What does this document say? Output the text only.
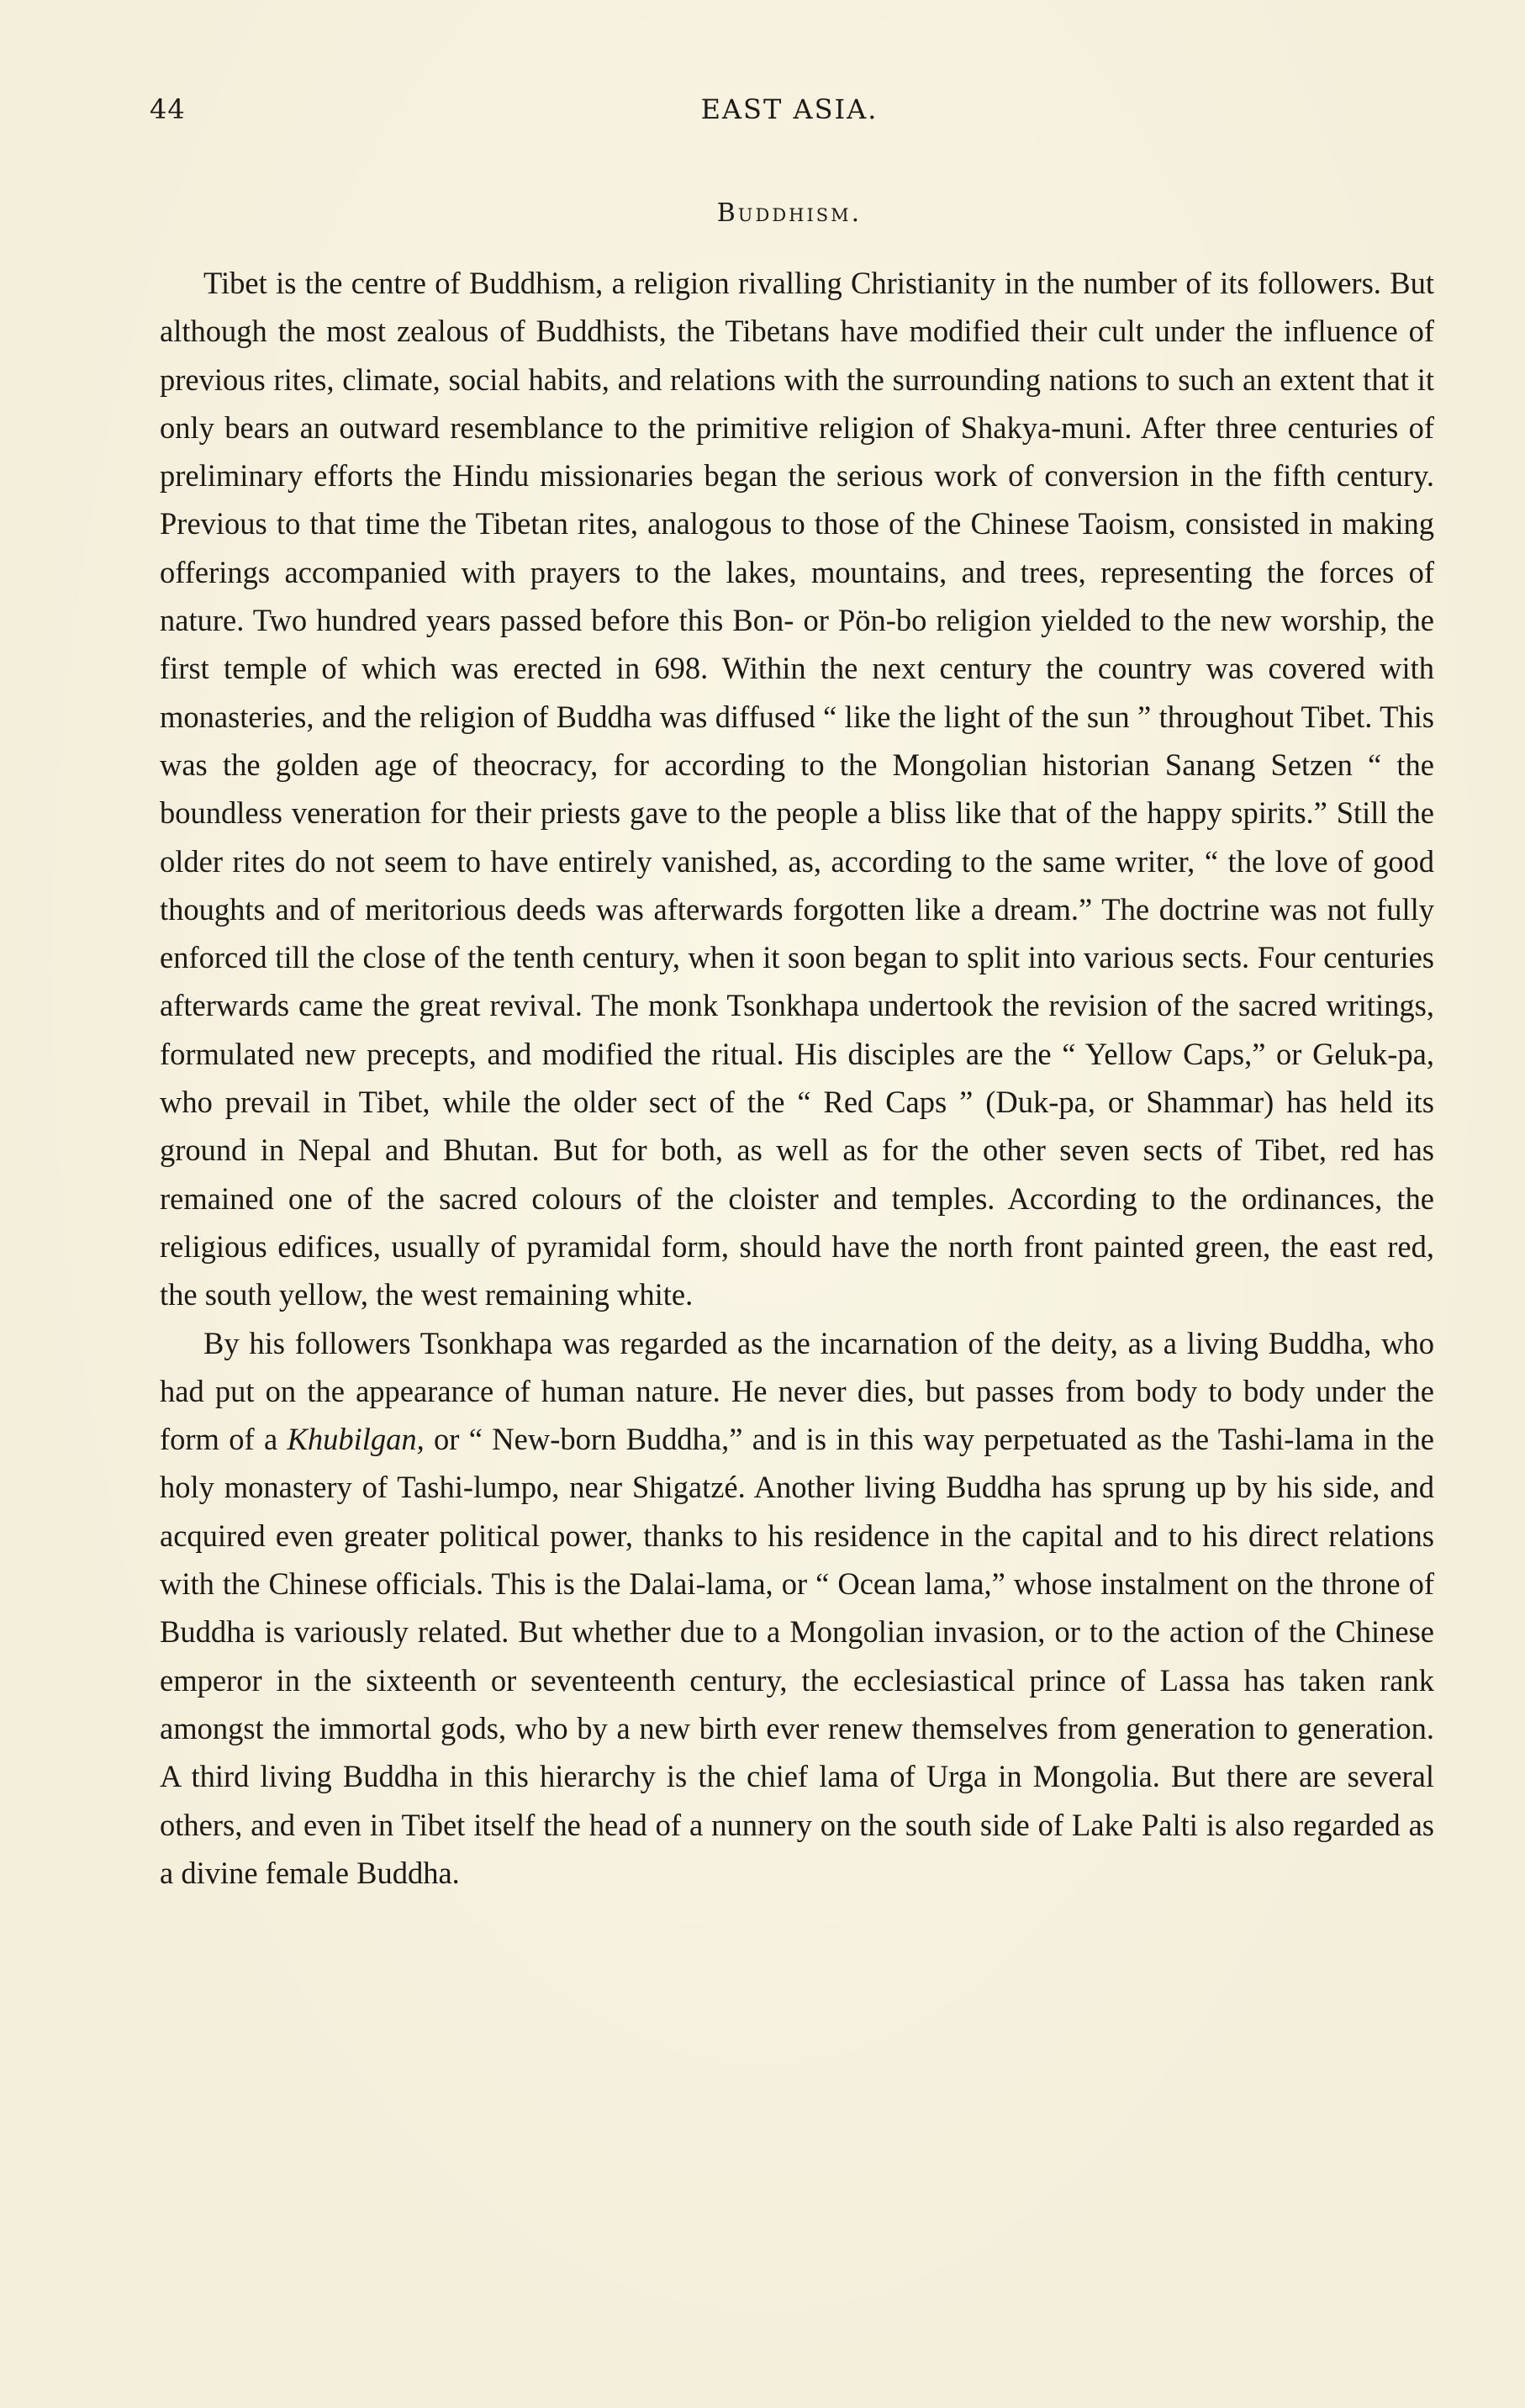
44	EAST ASIA.
Buddhism.

Tibet is the centre of Buddhism, a religion rivalling Christianity in the number of its followers. But although the most zealous of Buddhists, the Tibetans have modified their cult under the influence of previous rites, climate, social habits, and relations with the surrounding nations to such an extent that it only bears an outward resemblance to the primitive religion of Shakya-muni. After three centuries of preliminary efforts the Hindu missionaries began the serious work of conversion in the fifth century. Previous to that time the Tibetan rites, analogous to those of the Chinese Taoism, consisted in making offerings accompanied with prayers to the lakes, mountains, and trees, representing the forces of nature. Two hundred years passed before this Bon- or Pön-bo religion yielded to the new worship, the first temple of which was erected in 698. Within the next century the country was covered with monasteries, and the religion of Buddha was diffused “ like the light of the sun ” throughout Tibet. This was the golden age of theocracy, for according to the Mongolian historian Sanang Setzen “ the boundless veneration for their priests gave to the people a bliss like that of the happy spirits.” Still the older rites do not seem to have entirely vanished, as, according to the same writer, “ the love of good thoughts and of meritorious deeds was afterwards forgotten like a dream.” The doctrine was not fully enforced till the close of the tenth century, when it soon began to split into various sects. Four centuries afterwards came the great revival. The monk Tsonkhapa undertook the revision of the sacred writings, formulated new precepts, and modified the ritual. His disciples are the “ Yellow Caps,” or Geluk-pa, who prevail in Tibet, while the older sect of the “ Red Caps ” (Duk-pa, or Shammar) has held its ground in Nepal and Bhutan. But for both, as well as for the other seven sects of Tibet, red has remained one of the sacred colours of the cloister and temples. According to the ordinances, the religious edifices, usually of pyramidal form, should have the north front painted green, the east red, the south yellow, the west remaining white.

By his followers Tsonkhapa was regarded as the incarnation of the deity, as a living Buddha, who had put on the appearance of human nature. He never dies, but passes from body to body under the form of a Khubilgan, or “ New-born Buddha,” and is in this way perpetuated as the Tashi-lama in the holy monastery of Tashi-lumpo, near Shigatzé. Another living Buddha has sprung up by his side, and acquired even greater political power, thanks to his residence in the capital and to his direct relations with the Chinese officials. This is the Dalai-lama, or “ Ocean lama,” whose instalment on the throne of Buddha is variously related. But whether due to a Mongolian invasion, or to the action of the Chinese emperor in the sixteenth or seventeenth century, the ecclesiastical prince of Lassa has taken rank amongst the immortal gods, who by a new birth ever renew themselves from generation to generation. A third living Buddha in this hierarchy is the chief lama of Urga in Mongolia. But there are several others, and even in Tibet itself the head of a nunnery on the south side of Lake Palti is also regarded as a divine female Buddha.
